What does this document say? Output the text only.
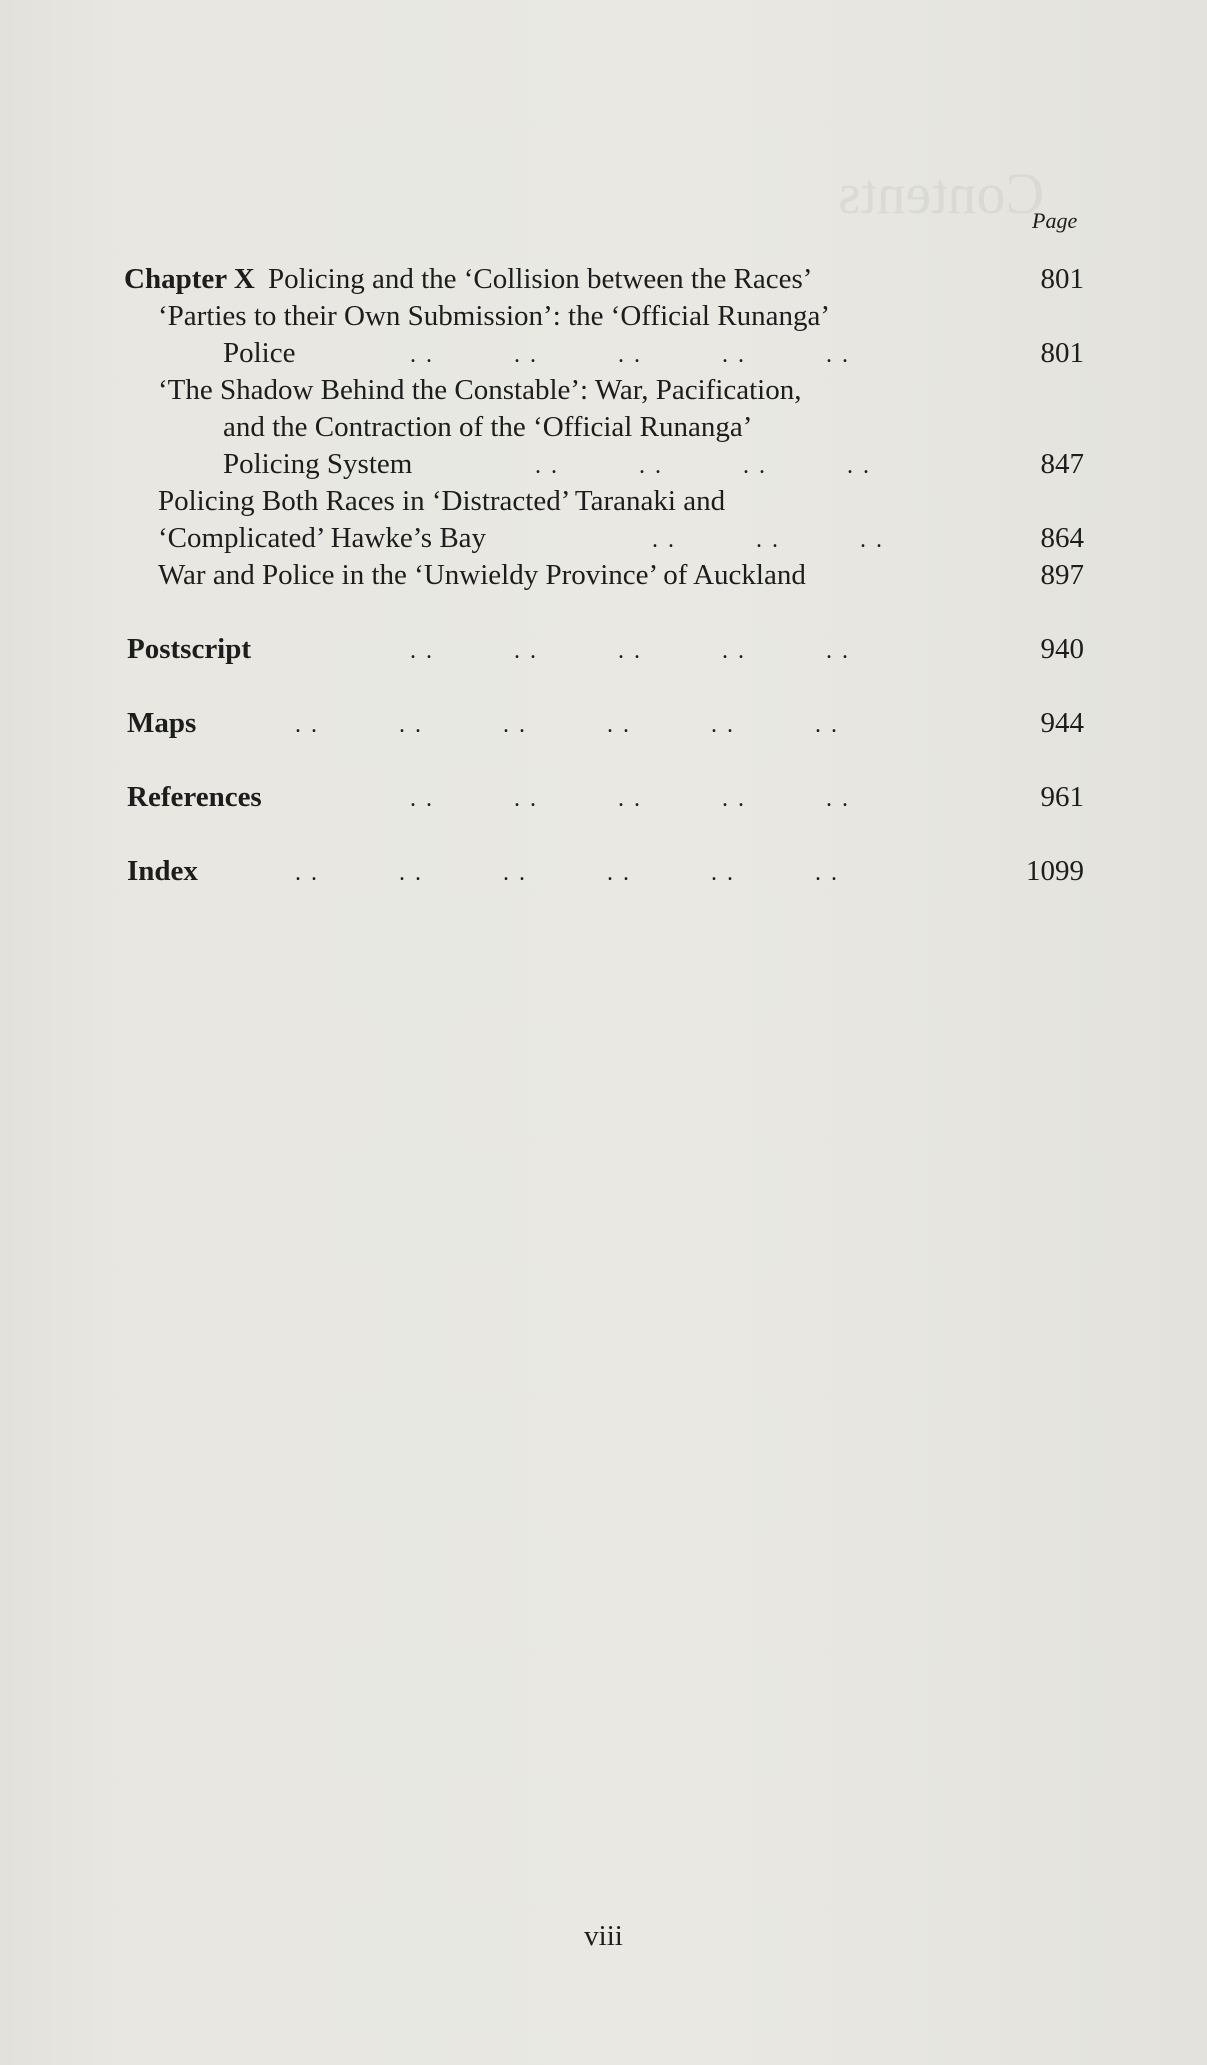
Contents
Page
Chapter X Policing and the ‘Collision between the Races’	801
‘Parties to their Own Submission’: the ‘Official Runanga’
Police	. .          . .          . .          . .          . .	801
‘The Shadow Behind the Constable’: War, Pacification,
and the Contraction of the ‘Official Runanga’
Policing System	. .          . .          . .          . .	847
Policing Both Races in ‘Distracted’ Taranaki and
‘Complicated’ Hawke’s Bay	. .          . .          . .	864
War and Police in the ‘Unwieldy Province’ of Auckland	897
Postscript	. .          . .          . .          . .          . .	940
Maps	. .          . .          . .          . .          . .          . .	944
References	. .          . .          . .          . .          . .	961
Index	. .          . .          . .          . .          . .          . .	1099
viii
